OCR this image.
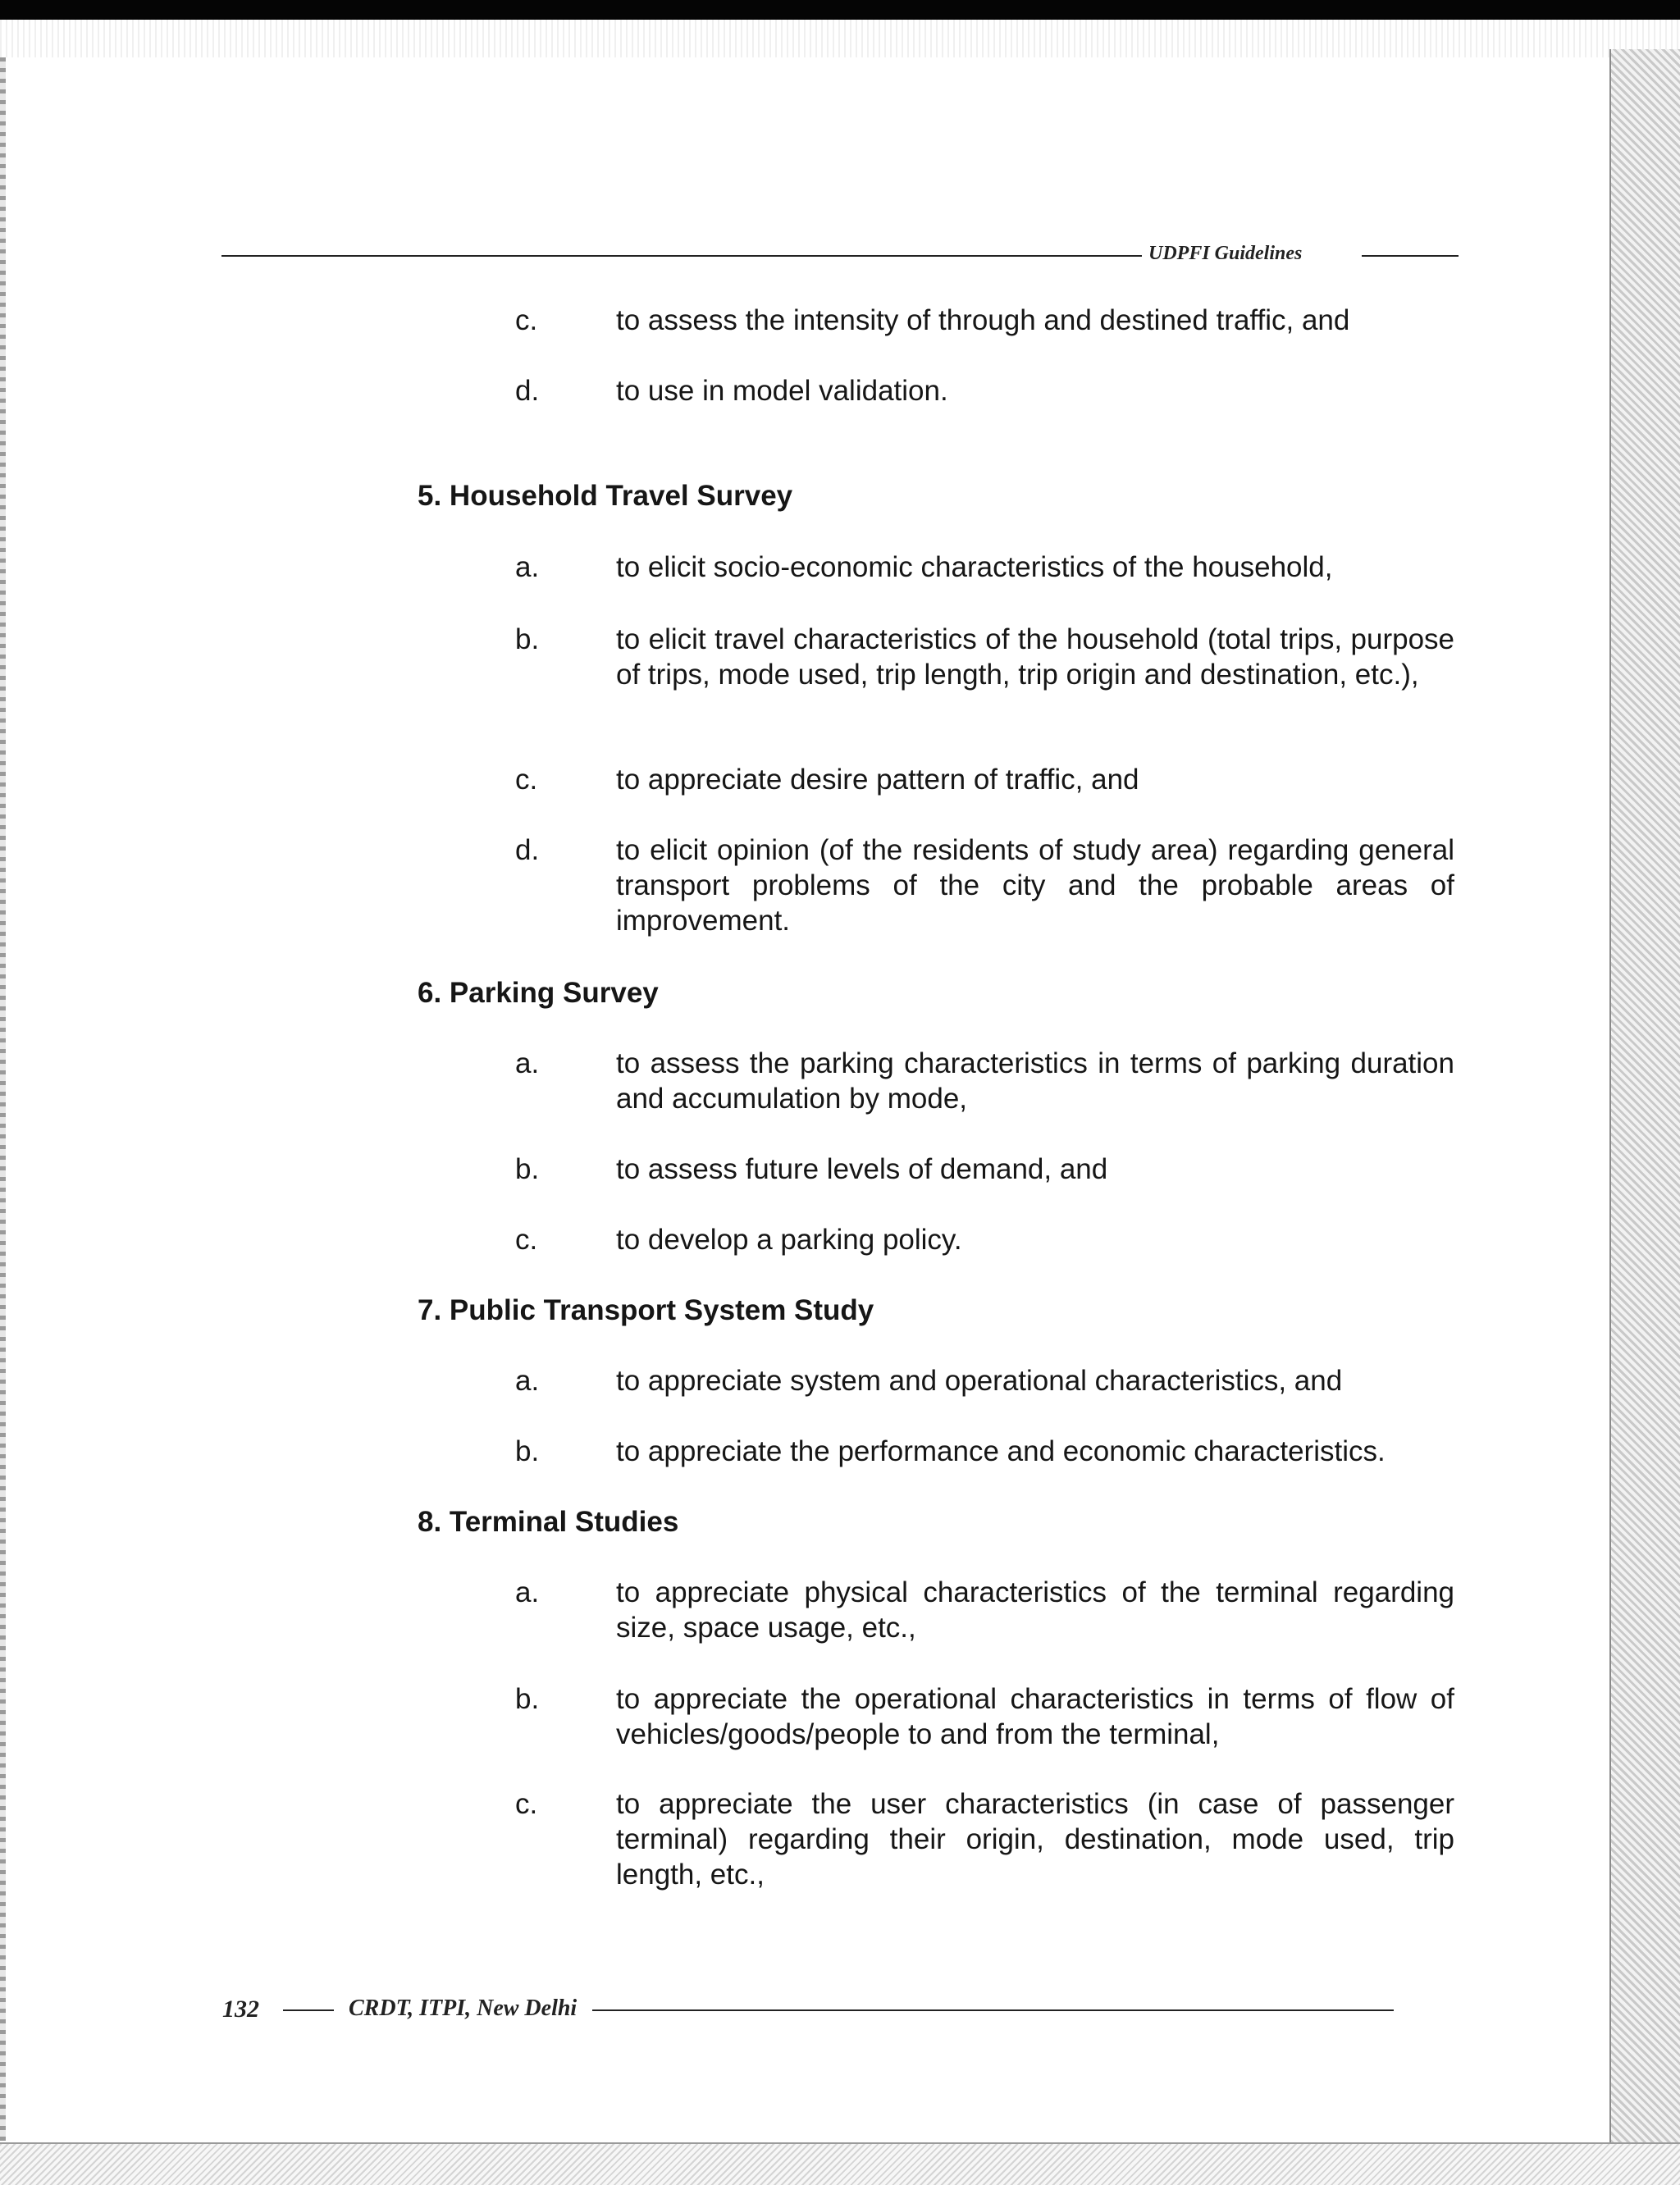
UDPFI Guidelines
c.	to assess the intensity of through and destined traffic, and
d.	to use in model validation.
5. Household Travel Survey
a.	to elicit socio-economic characteristics of the household,
b.	to elicit travel characteristics of the household (total trips, purpose of trips, mode used, trip length, trip origin and destination, etc.),
c.	to appreciate desire pattern of traffic, and
d.	to elicit opinion (of the residents of study area) regarding general transport problems of the city and the probable areas of improvement.
6. Parking Survey
a.	to assess the parking characteristics in terms of parking duration and accumulation by mode,
b.	to assess future levels of demand, and
c.	to develop a parking policy.
7. Public Transport System Study
a.	to appreciate system and operational characteristics, and
b.	to appreciate the performance and economic characteristics.
8. Terminal Studies
a.	to appreciate physical characteristics of the terminal regarding size, space usage, etc.,
b.	to appreciate the operational characteristics in terms of flow of vehicles/goods/people to and from the terminal,
c.	to appreciate the user characteristics (in case of passenger terminal) regarding their origin, destination, mode used, trip length, etc.,
132	CRDT, ITPI, New Delhi
